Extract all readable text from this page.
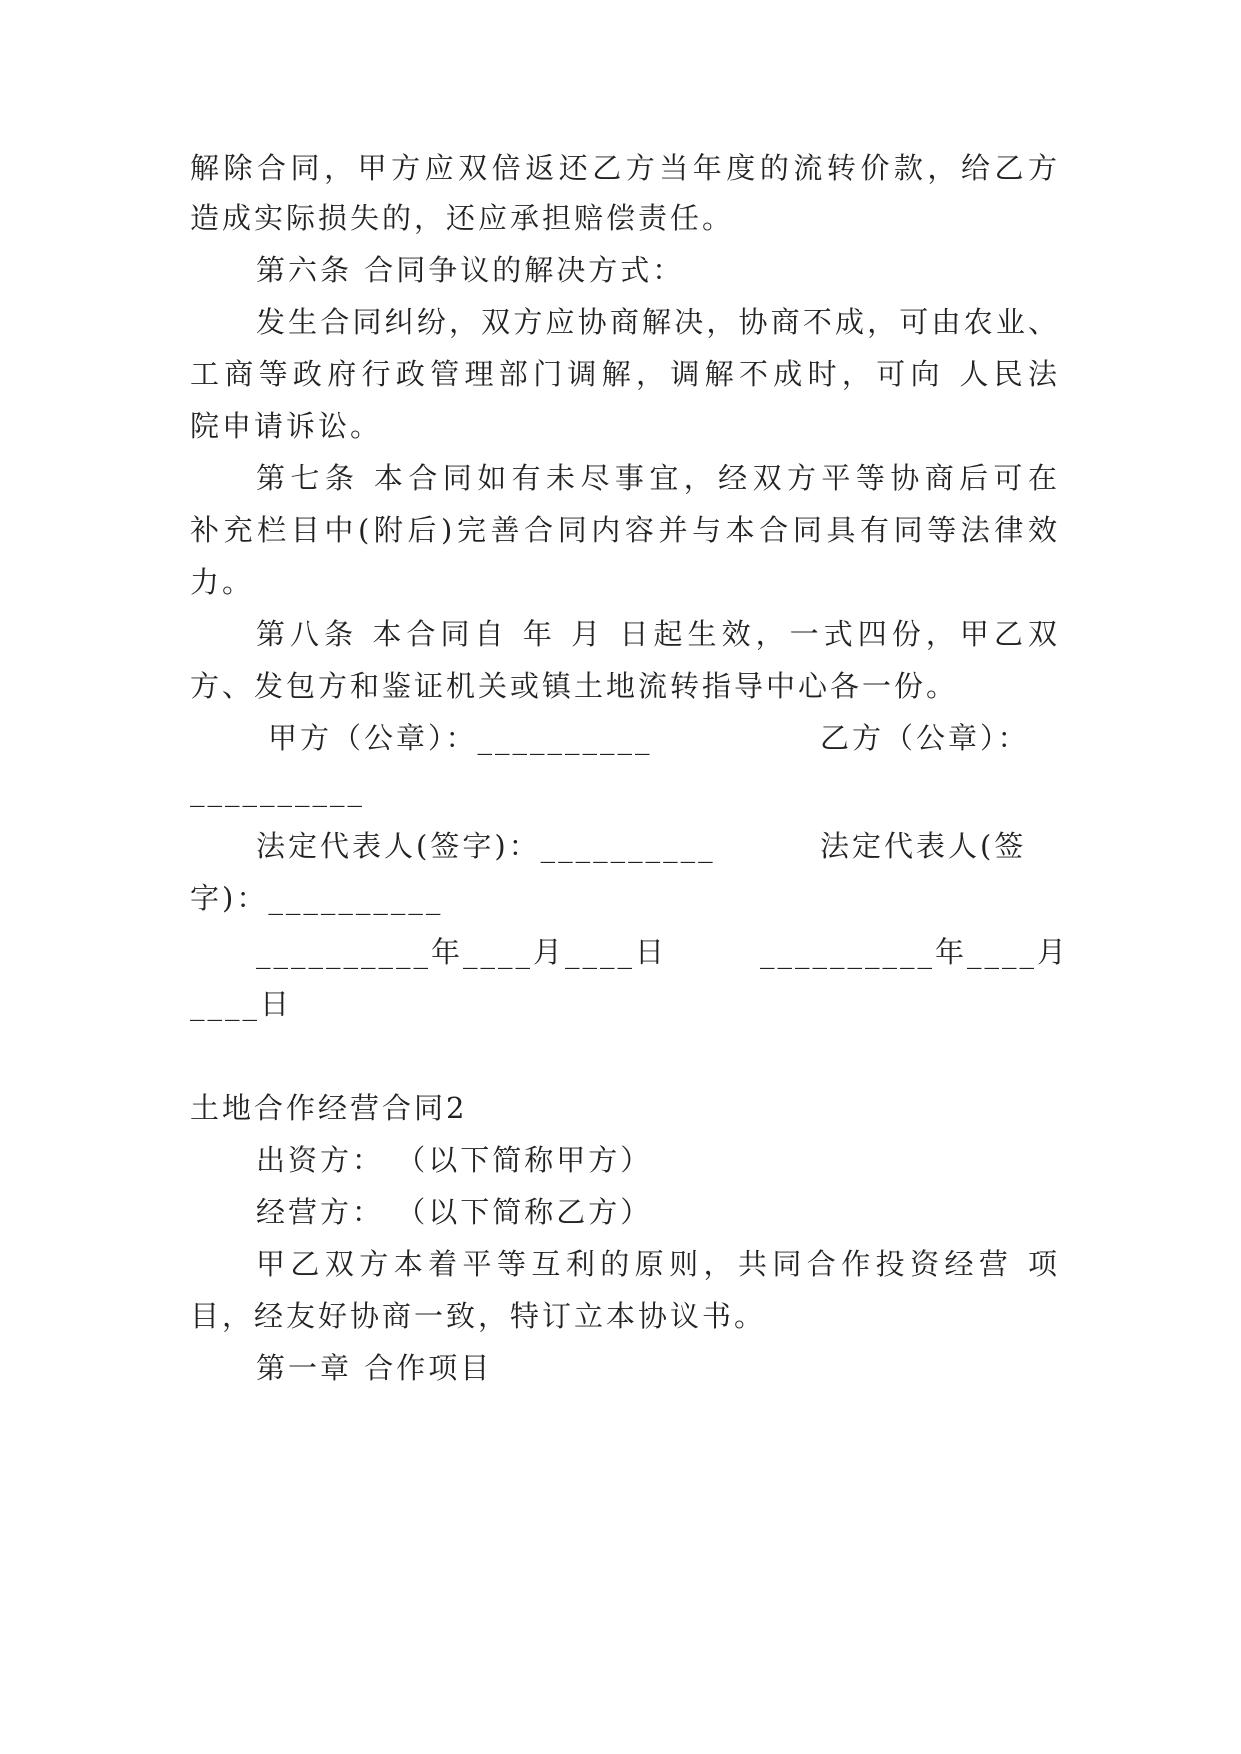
解除合同，甲方应双倍返还乙方当年度的流转价款，给乙方
造成实际损失的，还应承担赔偿责任。
第六条 合同争议的解决方式：
发生合同纠纷，双方应协商解决，协商不成，可由农业、
工商等政府行政管理部门调解，调解不成时，可向 人民法
院申请诉讼。
第七条 本合同如有未尽事宜，经双方平等协商后可在
补充栏目中(附后)完善合同内容并与本合同具有同等法律效
力。
第八条 本合同自 年 月 日起生效，一式四份，甲乙双
方、发包方和鉴证机关或镇土地流转指导中心各一份。
甲方（公章）：__________	乙方（公章）：
__________
法定代表人(签字)：__________	法定代表人(签
字)：__________
__________年____月____日	__________年____月
____日
土地合作经营合同2
出资方： （以下简称甲方）
经营方： （以下简称乙方）
甲乙双方本着平等互利的原则，共同合作投资经营 项
目，经友好协商一致，特订立本协议书。
第一章 合作项目
